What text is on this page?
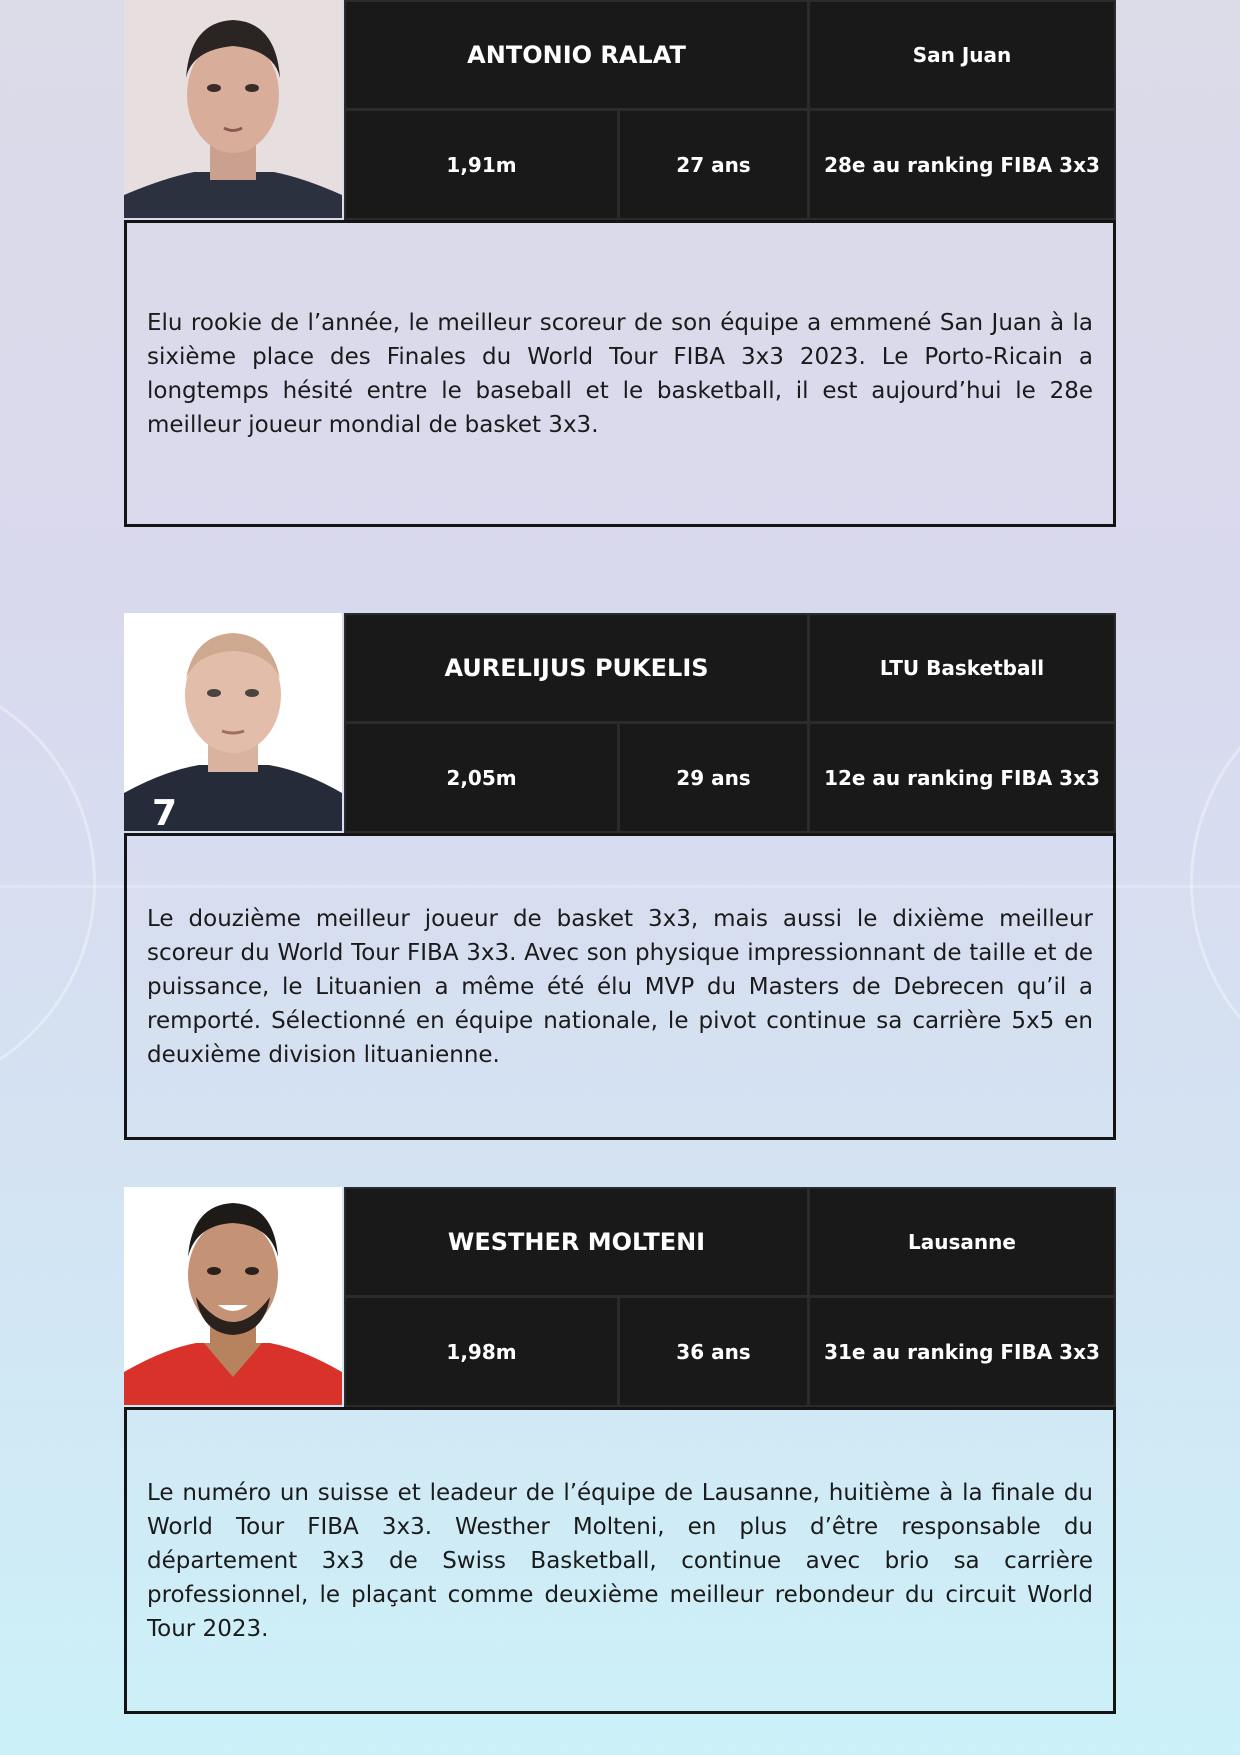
ANTONIO RALAT	San Juan
1,91m	27 ans	28e au ranking FIBA 3x3

Elu rookie de l’année, le meilleur scoreur de son équipe a emmené San Juan à la sixième place des Finales du World Tour FIBA 3x3 2023. Le Porto-Ricain a longtemps hésité entre le baseball et le basketball, il est aujourd’hui le 28e meilleur joueur mondial de basket 3x3.

7
AURELIJUS PUKELIS	LTU Basketball
2,05m	29 ans	12e au ranking FIBA 3x3

Le douzième meilleur joueur de basket 3x3, mais aussi le dixième meilleur scoreur du World Tour FIBA 3x3. Avec son physique impressionnant de taille et de puissance, le Lituanien a même été élu MVP du Masters de Debrecen qu’il a remporté. Sélectionné en équipe nationale, le pivot continue sa carrière 5x5 en deuxième division lituanienne.

WESTHER MOLTENI	Lausanne
1,98m	36 ans	31e au ranking FIBA 3x3

Le numéro un suisse et leadeur de l’équipe de Lausanne, huitième à la finale du World Tour FIBA 3x3. Westher Molteni, en plus d’être responsable du département 3x3 de Swiss Basketball, continue avec brio sa carrière professionnel, le plaçant comme deuxième meilleur rebondeur du circuit World Tour 2023.
